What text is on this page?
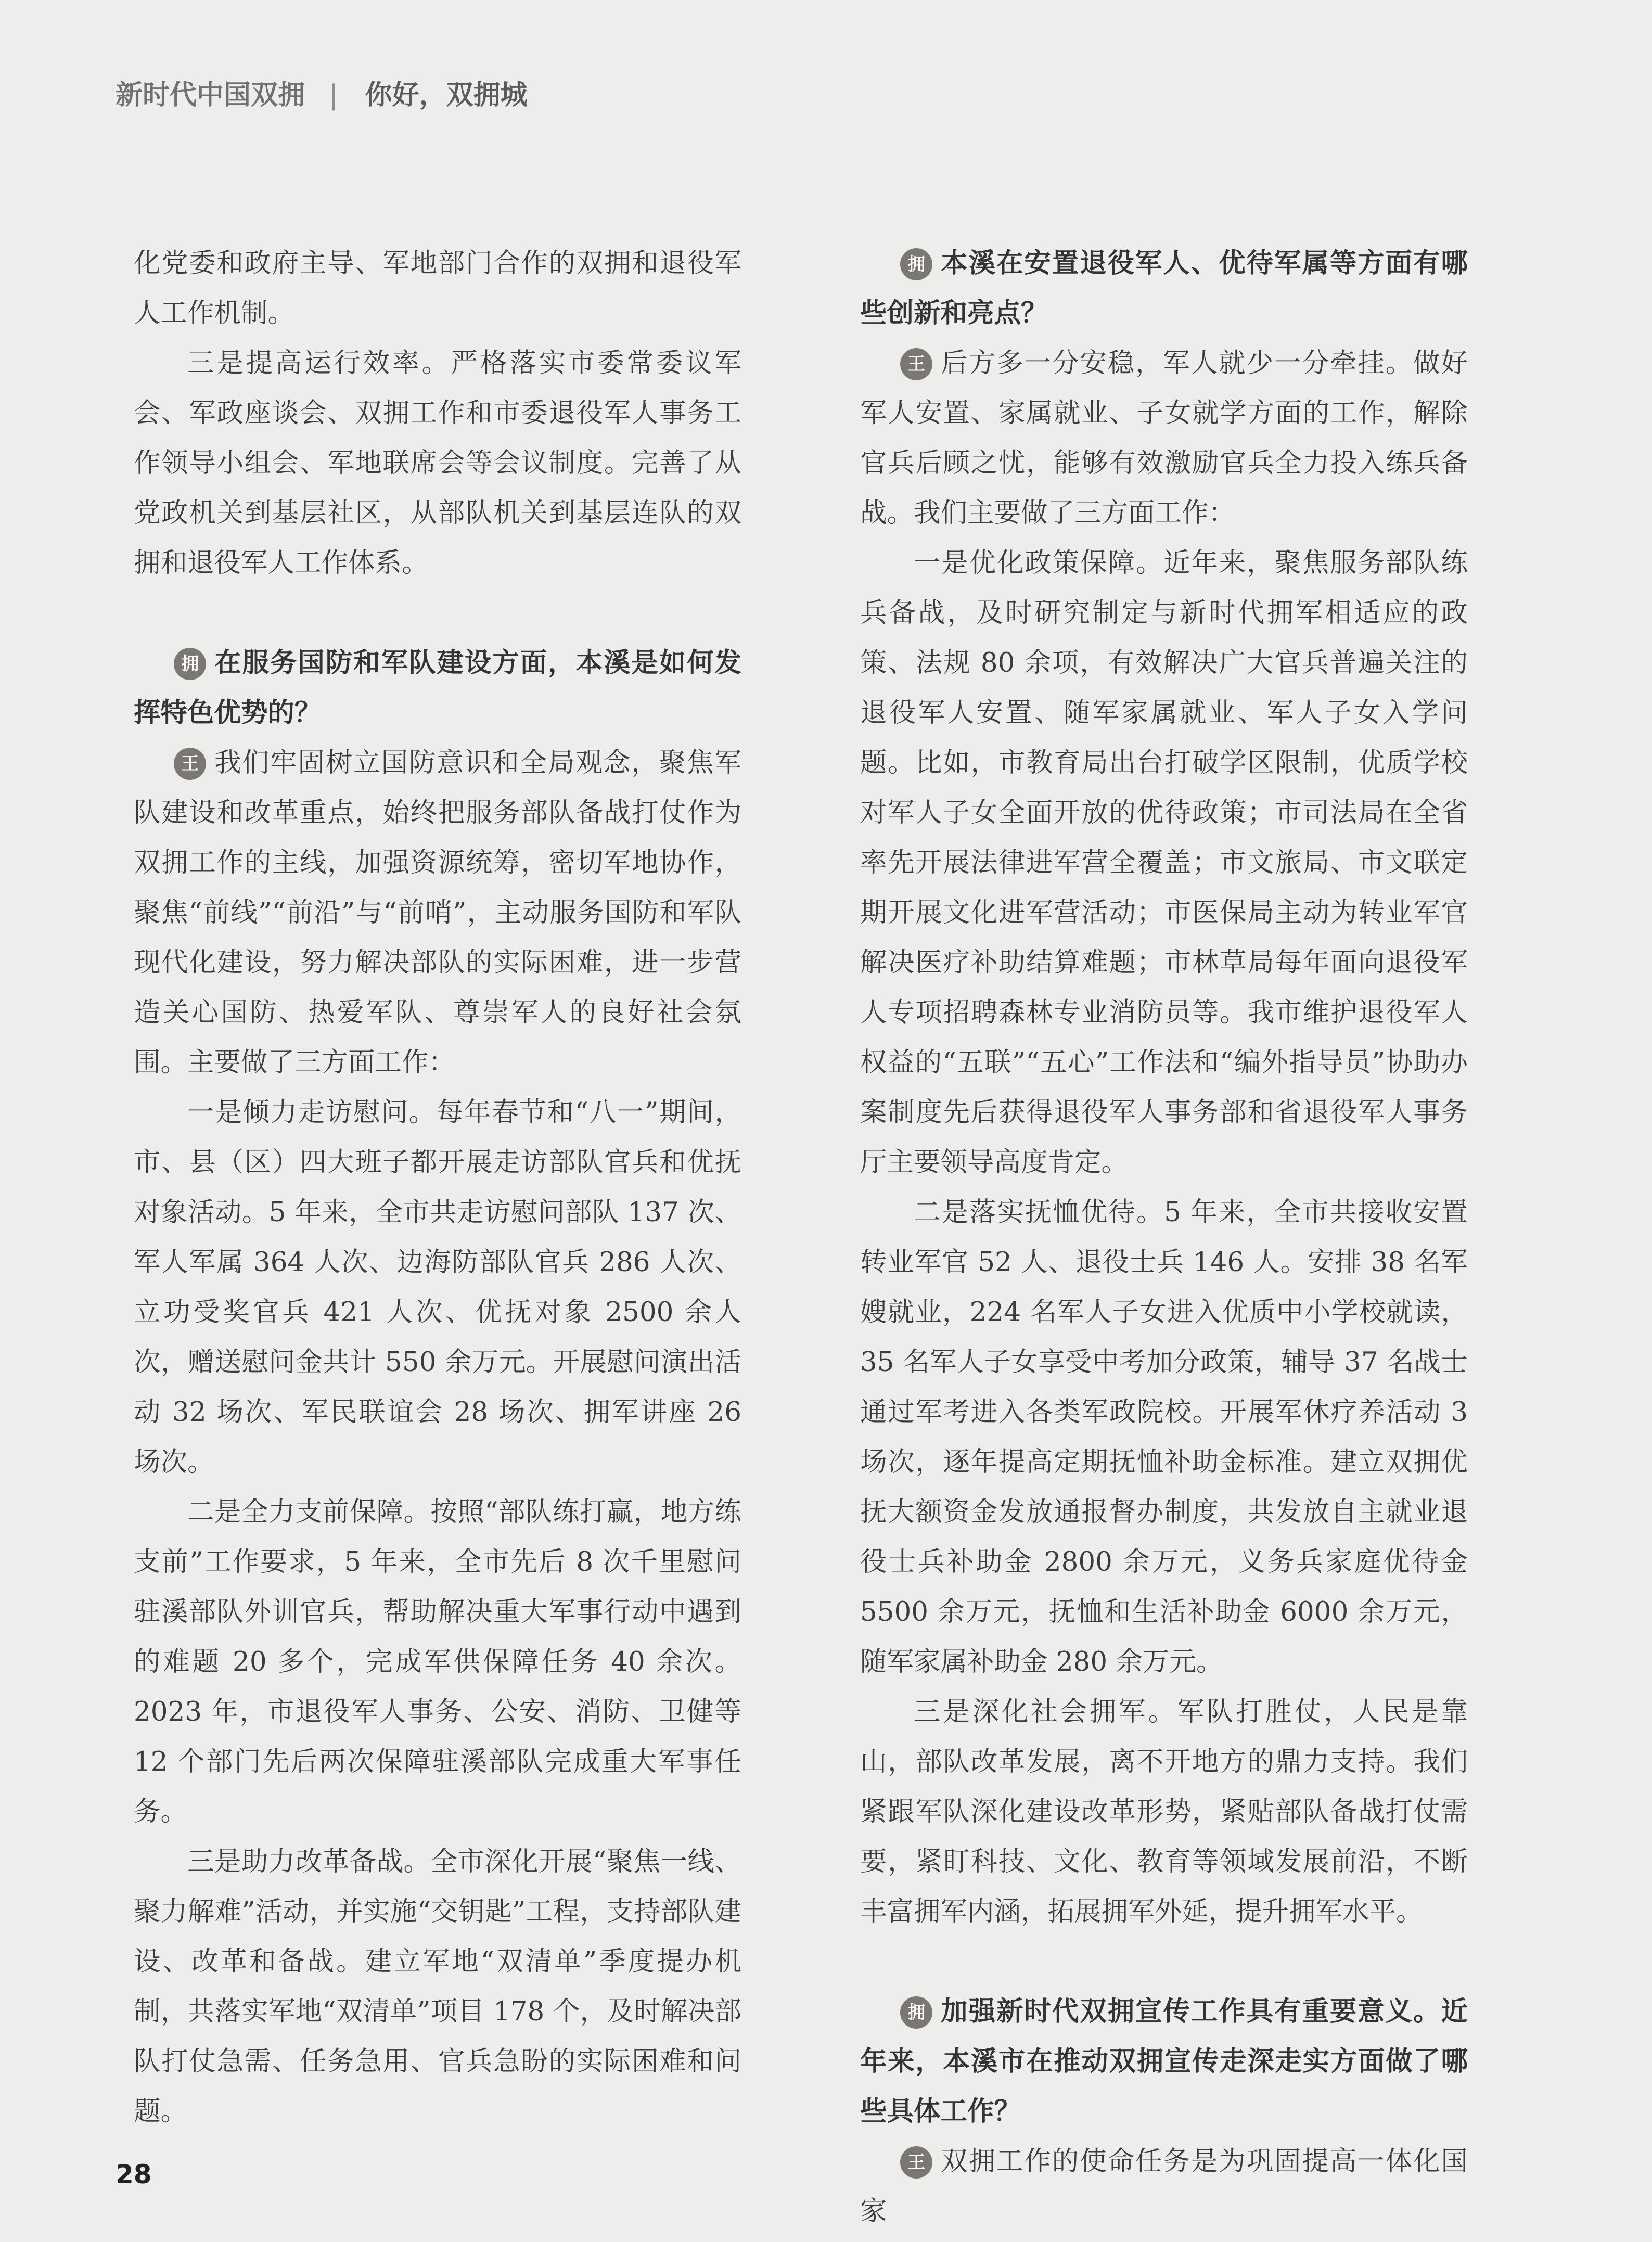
新时代中国双拥 | 你好，双拥城

化党委和政府主导、军地部门合作的双拥和退役军人工作机制。

三是提高运行效率。严格落实市委常委议军会、军政座谈会、双拥工作和市委退役军人事务工作领导小组会、军地联席会等会议制度。完善了从党政机关到基层社区，从部队机关到基层连队的双拥和退役军人工作体系。

拥 在服务国防和军队建设方面，本溪是如何发挥特色优势的？

王 我们牢固树立国防意识和全局观念，聚焦军队建设和改革重点，始终把服务部队备战打仗作为双拥工作的主线，加强资源统筹，密切军地协作，聚焦“前线”“前沿”与“前哨”，主动服务国防和军队现代化建设，努力解决部队的实际困难，进一步营造关心国防、热爱军队、尊崇军人的良好社会氛围。主要做了三方面工作：

一是倾力走访慰问。每年春节和“八一”期间，市、县（区）四大班子都开展走访部队官兵和优抚对象活动。5 年来，全市共走访慰问部队 137 次、军人军属 364 人次、边海防部队官兵 286 人次、立功受奖官兵 421 人次、优抚对象 2500 余人次，赠送慰问金共计 550 余万元。开展慰问演出活动 32 场次、军民联谊会 28 场次、拥军讲座 26 场次。

二是全力支前保障。按照“部队练打赢，地方练支前”工作要求，5 年来，全市先后 8 次千里慰问驻溪部队外训官兵，帮助解决重大军事行动中遇到的难题 20 多个，完成军供保障任务 40 余次。2023 年，市退役军人事务、公安、消防、卫健等 12 个部门先后两次保障驻溪部队完成重大军事任务。

三是助力改革备战。全市深化开展“聚焦一线、聚力解难”活动，并实施“交钥匙”工程，支持部队建设、改革和备战。建立军地“双清单”季度提办机制，共落实军地“双清单”项目 178 个，及时解决部队打仗急需、任务急用、官兵急盼的实际困难和问题。

拥 本溪在安置退役军人、优待军属等方面有哪些创新和亮点？

王 后方多一分安稳，军人就少一分牵挂。做好军人安置、家属就业、子女就学方面的工作，解除官兵后顾之忧，能够有效激励官兵全力投入练兵备战。我们主要做了三方面工作：

一是优化政策保障。近年来，聚焦服务部队练兵备战，及时研究制定与新时代拥军相适应的政策、法规 80 余项，有效解决广大官兵普遍关注的退役军人安置、随军家属就业、军人子女入学问题。比如，市教育局出台打破学区限制，优质学校对军人子女全面开放的优待政策；市司法局在全省率先开展法律进军营全覆盖；市文旅局、市文联定期开展文化进军营活动；市医保局主动为转业军官解决医疗补助结算难题；市林草局每年面向退役军人专项招聘森林专业消防员等。我市维护退役军人权益的“五联”“五心”工作法和“编外指导员”协助办案制度先后获得退役军人事务部和省退役军人事务厅主要领导高度肯定。

二是落实抚恤优待。5 年来，全市共接收安置转业军官 52 人、退役士兵 146 人。安排 38 名军嫂就业，224 名军人子女进入优质中小学校就读，35 名军人子女享受中考加分政策，辅导 37 名战士通过军考进入各类军政院校。开展军休疗养活动 3 场次，逐年提高定期抚恤补助金标准。建立双拥优抚大额资金发放通报督办制度，共发放自主就业退役士兵补助金 2800 余万元，义务兵家庭优待金 5500 余万元，抚恤和生活补助金 6000 余万元，随军家属补助金 280 余万元。

三是深化社会拥军。军队打胜仗，人民是靠山，部队改革发展，离不开地方的鼎力支持。我们紧跟军队深化建设改革形势，紧贴部队备战打仗需要，紧盯科技、文化、教育等领域发展前沿，不断丰富拥军内涵，拓展拥军外延，提升拥军水平。

拥 加强新时代双拥宣传工作具有重要意义。近年来，本溪市在推动双拥宣传走深走实方面做了哪些具体工作？

王 双拥工作的使命任务是为巩固提高一体化国家

28
